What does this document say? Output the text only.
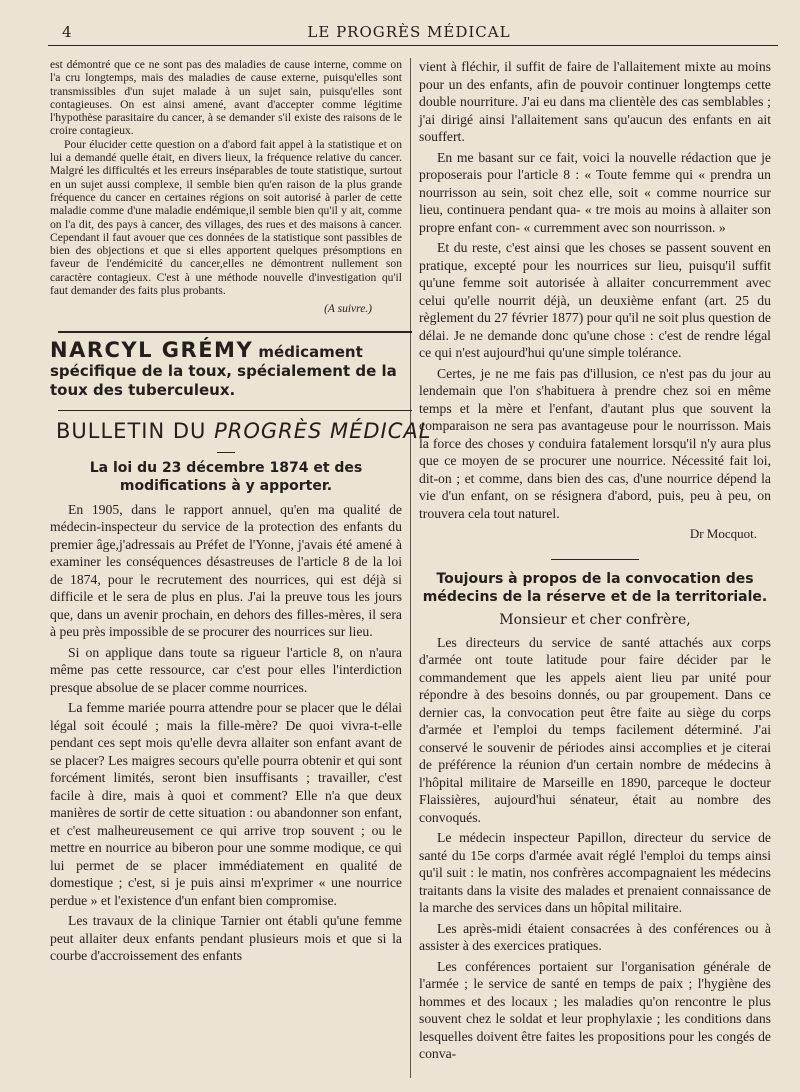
4	LE PROGRÈS MÉDICAL

est démontré que ce ne sont pas des maladies de cause interne, comme on l'a cru longtemps, mais des maladies de cause externe, puisqu'elles sont transmissibles d'un sujet malade à un sujet sain, puisqu'elles sont contagieuses. On est ainsi amené, avant d'accepter comme légitime l'hypothèse parasitaire du cancer, à se demander s'il existe des raisons de le croire contagieux.

Pour élucider cette question on a d'abord fait appel à la statistique et on lui a demandé quelle était, en divers lieux, la fréquence relative du cancer. Malgré les difficultés et les erreurs inséparables de toute statistique, surtout en un sujet aussi complexe, il semble bien qu'en raison de la plus grande fréquence du cancer en certaines régions on soit autorisé à parler de cette maladie comme d'une maladie endémique,il semble bien qu'il y ait, comme on l'a dit, des pays à cancer, des villages, des rues et des maisons à cancer. Cependant il faut avouer que ces données de la statistique sont passibles de bien des objections et que si elles apportent quelques présomptions en faveur de l'endémicité du cancer,elles ne démontrent nullement son caractère contagieux. C'est à une méthode nouvelle d'investigation qu'il faut demander des faits plus probants.

(A suivre.)
NARCYL GRÉMY médicament spécifique de la toux, spécialement de la toux des tuberculeux.
BULLETIN DU PROGRÈS MÉDICAL
La loi du 23 décembre 1874 et des modifications à y apporter.

En 1905, dans le rapport annuel, qu'en ma qualité de médecin-inspecteur du service de la protection des enfants du premier âge,j'adressais au Préfet de l'Yonne, j'avais été amené à examiner les conséquences désastreuses de l'article 8 de la loi de 1874, pour le recrutement des nourrices, qui est déjà si difficile et le sera de plus en plus. J'ai la preuve tous les jours que, dans un avenir prochain, en dehors des filles-mères, il sera à peu près impossible de se procurer des nourrices sur lieu.

Si on applique dans toute sa rigueur l'article 8, on n'aura même pas cette ressource, car c'est pour elles l'interdiction presque absolue de se placer comme nourrices.

La femme mariée pourra attendre pour se placer que le délai légal soit écoulé ; mais la fille-mère? De quoi vivra-t-elle pendant ces sept mois qu'elle devra allaiter son enfant avant de se placer? Les maigres secours qu'elle pourra obtenir et qui sont forcément limités, seront bien insuffisants ; travailler, c'est facile à dire, mais à quoi et comment? Elle n'a que deux manières de sortir de cette situation : ou abandonner son enfant, et c'est malheureusement ce qui arrive trop souvent ; ou le mettre en nourrice au biberon pour une somme modique, ce qui lui permet de se placer immédiatement en qualité de domestique ; c'est, si je puis ainsi m'exprimer « une nourrice perdue » et l'existence d'un enfant bien compromise.

Les travaux de la clinique Tarnier ont établi qu'une femme peut allaiter deux enfants pendant plusieurs mois et que si la courbe d'accroissement des enfants

vient à fléchir, il suffit de faire de l'allaitement mixte au moins pour un des enfants, afin de pouvoir continuer longtemps cette double nourriture. J'ai eu dans ma clientèle des cas semblables ; j'ai dirigé ainsi l'allaitement sans qu'aucun des enfants en ait souffert.

En me basant sur ce fait, voici la nouvelle rédaction que je proposerais pour l'article 8 : « Toute femme qui « prendra un nourrisson au sein, soit chez elle, soit « comme nourrice sur lieu, continuera pendant qua- « tre mois au moins à allaiter son propre enfant con- « curremment avec son nourrisson. »

Et du reste, c'est ainsi que les choses se passent souvent en pratique, excepté pour les nourrices sur lieu, puisqu'il suffit qu'une femme soit autorisée à allaiter concurremment avec celui qu'elle nourrit déjà, un deuxième enfant (art. 25 du règlement du 27 février 1877) pour qu'il ne soit plus question de délai. Je ne demande donc qu'une chose : c'est de rendre légal ce qui n'est aujourd'hui qu'une simple tolérance.

Certes, je ne me fais pas d'illusion, ce n'est pas du jour au lendemain que l'on s'habituera à prendre chez soi en même temps et la mère et l'enfant, d'autant plus que souvent la comparaison ne sera pas avantageuse pour le nourrisson. Mais la force des choses y conduira fatalement lorsqu'il n'y aura plus que ce moyen de se procurer une nourrice. Nécessité fait loi, dit-on ; et comme, dans bien des cas, d'une nourrice dépend la vie d'un enfant, on se résignera d'abord, puis, peu à peu, on trouvera cela tout naturel.

Dr Mocquot.
Toujours à propos de la convocation des médecins de la réserve et de la territoriale.
Monsieur et cher confrère,

Les directeurs du service de santé attachés aux corps d'armée ont toute latitude pour faire décider par le commandement que les appels aient lieu par unité pour répondre à des besoins donnés, ou par groupement. Dans ce dernier cas, la convocation peut être faite au siège du corps d'armée et l'emploi du temps facilement déterminé. J'ai conservé le souvenir de périodes ainsi accomplies et je citerai de préférence la réunion d'un certain nombre de médecins à l'hôpital militaire de Marseille en 1890, parceque le docteur Flaissières, aujourd'hui sénateur, était au nombre des convoqués.

Le médecin inspecteur Papillon, directeur du service de santé du 15e corps d'armée avait réglé l'emploi du temps ainsi qu'il suit : le matin, nos confrères accompagnaient les médecins traitants dans la visite des malades et prenaient connaissance de la marche des services dans un hôpital militaire.

Les après-midi étaient consacrées à des conférences ou à assister à des exercices pratiques.

Les conférences portaient sur l'organisation générale de l'armée ; le service de santé en temps de paix ; l'hygiène des hommes et des locaux ; les maladies qu'on rencontre le plus souvent chez le soldat et leur prophylaxie ; les conditions dans lesquelles doivent être faites les propositions pour les congés de conva-
